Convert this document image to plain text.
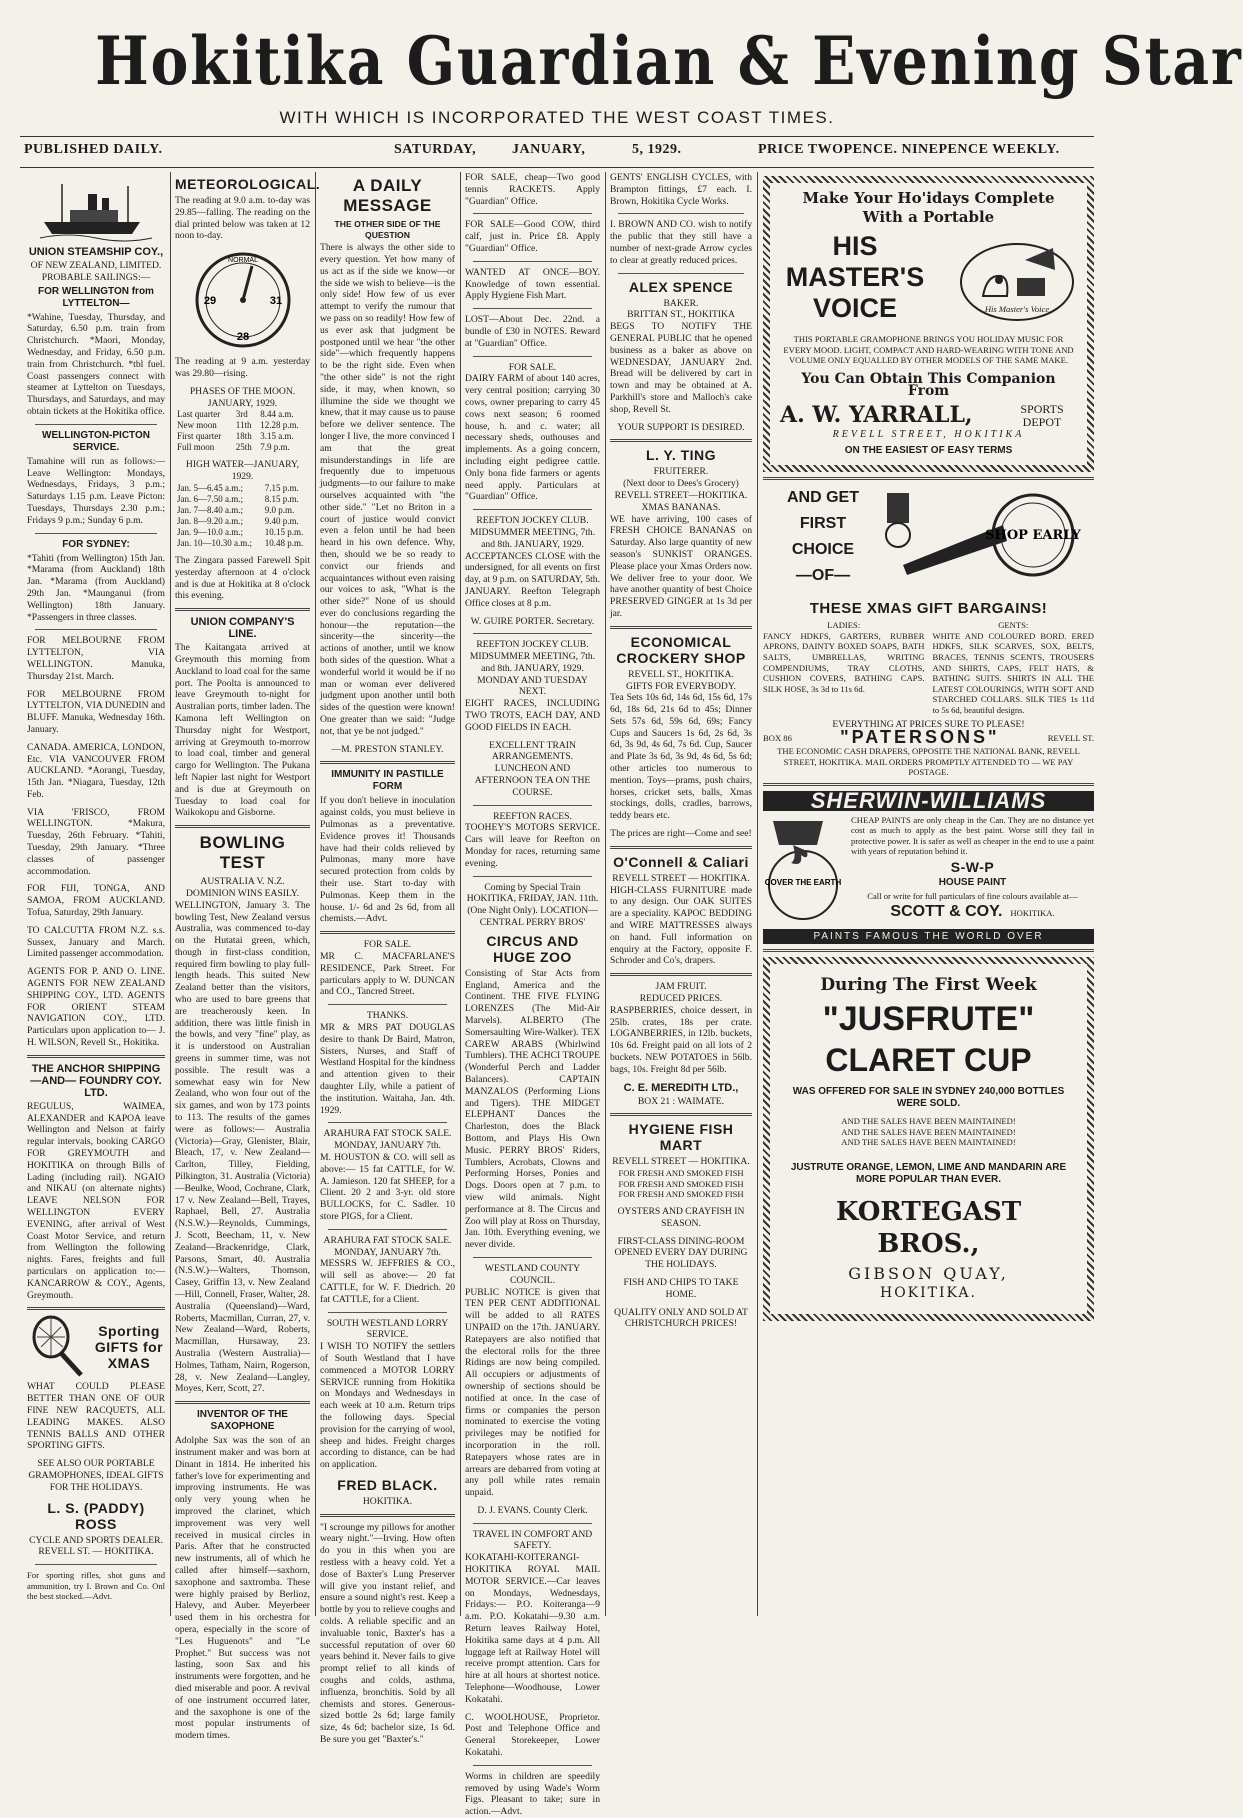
Hokitika Guardian & Evening Star
WITH WHICH IS INCORPORATED THE WEST COAST TIMES.
PUBLISHED DAILY.	SATURDAY,	JANUARY,	5, 1929.	PRICE TWOPENCE. NINEPENCE WEEKLY.
UNION STEAMSHIP COY.,
OF NEW ZEALAND, LIMITED.
PROBABLE SAILINGS:—
FOR WELLINGTON from LYTTELTON—
*Wahine, Tuesday, Thursday, and Saturday, 6.50 p.m. train from Christchurch. *Maori, Monday, Wednesday, and Friday, 6.50 p.m. train from Christchurch. *tbl fuel. Coast passengers connect with steamer at Lyttelton on Tuesdays, Thursdays, and Saturdays, and may obtain tickets at the Hokitika office.
WELLINGTON-PICTON SERVICE.
Tamahine will run as follows:— Leave Wellington: Mondays, Wednesdays, Fridays, 3 p.m.; Saturdays 1.15 p.m. Leave Picton: Tuesdays, Thursdays 2.30 p.m.; Fridays 9 p.m.; Sunday 6 p.m.
FOR SYDNEY:
*Tahiti (from Wellington) 15th Jan. *Marama (from Auckland) 18th Jan. *Marama (from Auckland) 29th Jan. *Maunganui (from Wellington) 18th January. *Passengers in three classes.
FOR MELBOURNE FROM LYTTELTON, VIA WELLINGTON. Manuka, Thursday 21st. March.
FOR MELBOURNE FROM LYTTELTON, VIA DUNEDIN and BLUFF. Manuka, Wednesday 16th. January.
CANADA. AMERICA, LONDON, Etc. VIA VANCOUVER FROM AUCKLAND. *Aorangi, Tuesday, 15th Jan. *Niagara, Tuesday, 12th Feb.
VIA 'FRISCO, FROM WELLINGTON. *Makura, Tuesday, 26th February. *Tahiti, Tuesday, 29th January. *Three classes of passenger accommodation.
FOR FIJI, TONGA, AND SAMOA, FROM AUCKLAND. Tofua, Saturday, 29th January.
TO CALCUTTA FROM N.Z. s.s. Sussex, January and March. Limited passenger accommodation.
AGENTS FOR P. AND O. LINE. AGENTS FOR NEW ZEALAND SHIPPING COY., LTD. AGENTS FOR ORIENT STEAM NAVIGATION COY., LTD. Particulars upon application to— J. H. WILSON, Revell St., Hokitika.
THE ANCHOR SHIPPING —AND— FOUNDRY COY. LTD.
REGULUS, WAIMEA, ALEXANDER and KAPOA leave Wellington and Nelson at fairly regular intervals, booking CARGO FOR GREYMOUTH and HOKITIKA on through Bills of Lading (including rail). NGAIO and NIKAU (on alternate nights) LEAVE NELSON FOR WELLINGTON EVERY EVENING, after arrival of West Coast Motor Service, and return from Wellington the following nights. Fares, freights and full particulars on application to:— KANCARROW & COY., Agents, Greymouth.
Sporting GIFTS for XMAS
WHAT COULD PLEASE BETTER THAN ONE OF OUR FINE NEW RACQUETS, ALL LEADING MAKES. ALSO TENNIS BALLS AND OTHER SPORTING GIFTS.
SEE ALSO OUR PORTABLE GRAMOPHONES, IDEAL GIFTS FOR THE HOLIDAYS.
L. S. (PADDY) ROSS
CYCLE AND SPORTS DEALER. REVELL ST. — HOKITIKA.
For sporting rifles, shot guns and ammunition, try I. Brown and Co. Onl the best stocked.—Advt.
METEOROLOGICAL.
The reading at 9.0 a.m. to-day was 29.85—falling. The reading on the dial printed below was taken at 12 noon to-day.
NORMAL
29	31
28
The reading at 9 a.m. yesterday was 29.80—rising.
PHASES OF THE MOON. JANUARY, 1929.
Last quarter	3rd	8.44 a.m.
New moon	11th	12.28 p.m.
First quarter	18th	3.15 a.m.
Full moon	25th	7.9 p.m.
HIGH WATER—JANUARY, 1929.
Jan. 5—6.45 a.m.;	7.15 p.m.
Jan. 6—7.50 a.m.;	8.15 p.m.
Jan. 7—8.40 a.m.;	9.0 p.m.
Jan. 8—9.20 a.m.;	9.40 p.m.
Jan. 9—10.0 a.m.;	10.15 p.m.
Jan. 10—10.30 a.m.;	10.48 p.m.
The Zingara passed Farewell Spit yesterday afternoon at 4 o'clock and is due at Hokitika at 8 o'clock this evening.
UNION COMPANY'S LINE.
The Kaitangata arrived at Greymouth this morning from Auckland to load coal for the same port. The Poolta is announced to leave Greymouth to-night for Australian ports, timber laden. The Kamona left Wellington on Thursday night for Westport, arriving at Greymouth to-morrow to load coal, timber and general cargo for Wellington. The Pukana left Napier last night for Westport and is due at Greymouth on Tuesday to load coal for Waikokopu and Gisborne.
BOWLING TEST
AUSTRALIA V. N.Z.
DOMINION WINS EASILY.
WELLINGTON, January 3. The bowling Test, New Zealand versus Australia, was commenced to-day on the Hutatai green, which, though in first-class condition, required firm bowling to play full-length heads. This suited New Zealand better than the visitors, who are used to bare greens that are treacherously keen. In addition, there was little finish in the bowls, and very "fine" play, as it is understood on Australian greens in summer time, was not possible. The result was a somewhat easy win for New Zealand, who won four out of the six games, and won by 173 points to 113. The results of the games were as follows:— Australia (Victoria)—Gray, Glenister, Blair, Bleach, 17, v. New Zealand—Carlton, Tilley, Fielding, Pilkington, 31. Australia (Victoria)—Beulke, Wood, Cochrane, Clark, 17 v. New Zealand—Bell, Trayes, Raphael, Bell, 27. Australia (N.S.W.)—Reynolds, Cummings, J. Scott, Beecham, 11, v. New Zealand—Brackenridge, Clark, Parsons, Smart, 40. Australia (N.S.W.)—Walters, Thomson, Casey, Griffin 13, v. New Zealand—Hill, Connell, Fraser, Walter, 28. Australia (Queensland)—Ward, Roberts, Macmillan, Curran, 27, v. New Zealand—Ward, Roberts, Macmillan, Hursaway, 23. Australia (Western Australia)—Holmes, Tatham, Nairn, Rogerson, 28, v. New Zealand—Langley, Moyes, Kerr, Scott, 27.
INVENTOR OF THE SAXOPHONE
Adolphe Sax was the son of an instrument maker and was born at Dinant in 1814. He inherited his father's love for experimenting and improving instruments. He was only very young when he improved the clarinet, which improvement was very well received in musical circles in Paris. After that he constructed new instruments, all of which he called after himself—saxhorn, saxophone and saxtromba. These were highly praised by Berlioz, Halevy, and Auber. Meyerbeer used them in his orchestra for opera, especially in the score of "Les Huguenots" and "Le Prophet." But success was not lasting, soon Sax and his instruments were forgotten, and he died miserable and poor. A revival of one instrument occurred later, and the saxophone is one of the most popular instruments of modern times.
A DAILY MESSAGE
THE OTHER SIDE OF THE QUESTION
There is always the other side to every question. Yet how many of us act as if the side we know—or the side we wish to believe—is the only side! How few of us ever attempt to verify the rumour that we pass on so readily! How few of us ever ask that judgment be postponed until we hear "the other side"—which frequently happens to be the right side. Even when "the other side" is not the right side, it may, when known, so illumine the side we thought we knew, that it may cause us to pause before we deliver sentence. The longer I live, the more convinced I am that the great misunderstandings in life are frequently due to impetuous judgments—to our failure to make ourselves acquainted with "the other side." "Let no Briton in a court of justice would convict even a felon until he had been heard in his own defence. Why, then, should we be so ready to convict our friends and acquaintances without even raising our voices to ask, "What is the other side?" None of us should ever do conclusions regarding the honour—the reputation—the sincerity—the sincerity—the actions of another, until we know both sides of the question. What a wonderful world it would be if no man or woman ever delivered judgment upon another until both sides of the question were known! One greater than we said: "Judge not, that ye be not judged."
—M. PRESTON STANLEY.
IMMUNITY IN PASTILLE FORM
If you don't believe in inoculation against colds, you must believe in Pulmonas as a preventative. Evidence proves it! Thousands have had their colds relieved by Pulmonas, many more have secured protection from colds by their use. Start to-day with Pulmonas. Keep them in the house. 1/- 6d and 2s 6d, from all chemists.—Advt.
FOR SALE.
MR C. MACFARLANE'S RESIDENCE, Park Street. For particulars apply to W. DUNCAN and CO., Tancred Street.
THANKS.
MR & MRS PAT DOUGLAS desire to thank Dr Baird, Matron, Sisters, Nurses, and Staff of Westland Hospital for the kindness and attention given to their daughter Lily, while a patient of the institution. Waitaha, Jan. 4th. 1929.
ARAHURA FAT STOCK SALE.
MONDAY, JANUARY 7th.
M. HOUSTON & CO. will sell as above:— 15 fat CATTLE, for W. A. Jamieson. 120 fat SHEEP, for a Client. 20 2 and 3-yr. old store BULLOCKS, for C. Sadler. 10 store PIGS, for a Client.
ARAHURA FAT STOCK SALE.
MONDAY, JANUARY 7th.
MESSRS W. JEFFRIES & CO., will sell as above:— 20 fat CATTLE, for W. F. Diedrich. 20 fat CATTLE, for a Client.
SOUTH WESTLAND LORRY SERVICE.
I WISH TO NOTIFY the settlers of South Westland that I have commenced a MOTOR LORRY SERVICE running from Hokitika on Mondays and Wednesdays in each week at 10 a.m. Return trips the following days. Special provision for the carrying of wool, sheep and hides. Freight charges according to distance, can be had on application.
FRED BLACK.
HOKITIKA.
"I scrounge my pillows for another weary night."—Irving. How often do you in this when you are restless with a heavy cold. Yet a dose of Baxter's Lung Preserver will give you instant relief, and ensure a sound night's rest. Keep a bottle by you to relieve coughs and colds. A reliable specific and an invaluable tonic, Baxter's has a successful reputation of over 60 years behind it. Never fails to give prompt relief to all kinds of coughs and colds, asthma, influenza, bronchitis. Sold by all chemists and stores. Generous-sized bottle 2s 6d; large family size, 4s 6d; bachelor size, 1s 6d. Be sure you get "Baxter's."
FOR SALE, cheap—Two good tennis RACKETS. Apply "Guardian" Office.
FOR SALE—Good COW, third calf, just in. Price £8. Apply "Guardian" Office.
WANTED AT ONCE—BOY. Knowledge of town essential. Apply Hygiene Fish Mart.
LOST—About Dec. 22nd. a bundle of £30 in NOTES. Reward at "Guardian" Office.
FOR SALE.
DAIRY FARM of about 140 acres, very central position; carrying 30 cows, owner preparing to carry 45 cows next season; 6 roomed house, h. and c. water; all necessary sheds, outhouses and implements. As a going concern, including eight pedigree cattle. Only bona fide farmers or agents need apply. Particulars at "Guardian" Office.
REEFTON JOCKEY CLUB.
MIDSUMMER MEETING, 7th. and 8th. JANUARY, 1929.
ACCEPTANCES CLOSE with the undersigned, for all events on first day, at 9 p.m. on SATURDAY, 5th. JANUARY. Reefton Telegraph Office closes at 8 p.m.
W. GUIRE PORTER. Secretary.
REEFTON JOCKEY CLUB.
MIDSUMMER MEETING, 7th. and 8th. JANUARY, 1929. MONDAY AND TUESDAY NEXT.
EIGHT RACES, INCLUDING TWO TROTS, EACH DAY, AND GOOD FIELDS IN EACH.
EXCELLENT TRAIN ARRANGEMENTS.
LUNCHEON AND AFTERNOON TEA ON THE COURSE.
REEFTON RACES.
TOOHEY'S MOTORS SERVICE. Cars will leave for Reefton on Monday for races, returning same evening.
Coming by Special Train HOKITIKA, FRIDAY, JAN. 11th. (One Night Only). LOCATION—CENTRAL PERRY BROS'
CIRCUS AND HUGE ZOO
Consisting of Star Acts from England, America and the Continent. THE FIVE FLYING LORENZES (The Mid-Air Marvels). ALBERTO (The Somersaulting Wire-Walker). TEX CAREW ARABS (Whirlwind Tumblers). THE ACHCI TROUPE (Wonderful Perch and Ladder Balancers). CAPTAIN MANZALOS (Performing Lions and Tigers). THE MIDGET ELEPHANT Dances the Charleston, does the Black Bottom, and Plays His Own Music. PERRY BROS' Riders, Tumblers, Acrobats, Clowns and Performing Horses, Ponies and Dogs. Doors open at 7 p.m. to view wild animals. Night performance at 8. The Circus and Zoo will play at Ross on Thursday, Jan. 10th. Everything evening, we never divide.
WESTLAND COUNTY COUNCIL.
PUBLIC NOTICE is given that TEN PER CENT ADDITIONAL will be added to all RATES UNPAID on the 17th. JANUARY. Ratepayers are also notified that the electoral rolls for the three Ridings are now being compiled. All occupiers or adjustments of ownership of sections should be notified at once. In the case of firms or companies the person nominated to exercise the voting privileges may be notified for incorporation in the roll. Ratepayers whose rates are in arrears are debarred from voting at any poll while rates remain unpaid.
D. J. EVANS. County Clerk.
TRAVEL IN COMFORT AND SAFETY.
KOKATAHI-KOITERANGI-HOKITIKA ROYAL MAIL MOTOR SERVICE.—Car leaves on Mondays, Wednesdays, Fridays:— P.O. Koiteranga—9 a.m. P.O. Kokatahi—9.30 a.m. Return leaves Railway Hotel, Hokitika same days at 4 p.m. All luggage left at Railway Hotel will receive prompt attention. Cars for hire at all hours at shortest notice. Telephone—Woodhouse, Lower Kokatahi.
C. WOOLHOUSE, Proprietor. Post and Telephone Office and General Storekeeper, Lower Kokatahi.
Worms in children are speedily removed by using Wade's Worm Figs. Pleasant to take; sure in action.—Advt.
GENTS' ENGLISH CYCLES, with Brampton fittings, £7 each. I. Brown, Hokitika Cycle Works.
I. BROWN AND CO. wish to notify the public that they still have a number of next-grade Arrow cycles to clear at greatly reduced prices.
ALEX SPENCE
BAKER.
BRITTAN ST., HOKITIKA
BEGS TO NOTIFY THE GENERAL PUBLIC that he opened business as a baker as above on WEDNESDAY, JANUARY 2nd. Bread will be delivered by cart in town and may be obtained at A. Parkhill's store and Malloch's cake shop, Revell St.
YOUR SUPPORT IS DESIRED.
L. Y. TING
FRUITERER.
(Next door to Dees's Grocery)
REVELL STREET—HOKITIKA.
XMAS BANANAS.
WE have arriving, 100 cases of FRESH CHOICE BANANAS on Saturday. Also large quantity of new season's SUNKIST ORANGES. Please place your Xmas Orders now. We deliver free to your door. We have another quantity of best Choice PRESERVED GINGER at 1s 3d per jar.
ECONOMICAL CROCKERY SHOP
REVELL ST., HOKITIKA.
GIFTS FOR EVERYBODY.
Tea Sets 10s 6d, 14s 6d, 15s 6d, 17s 6d, 18s 6d, 21s 6d to 45s; Dinner Sets 57s 6d, 59s 6d, 69s; Fancy Cups and Saucers 1s 6d, 2s 6d, 3s 6d, 3s 9d, 4s 6d, 7s 6d. Cup, Saucer and Plate 3s 6d, 3s 9d, 4s 6d, 5s 6d; other articles too numerous to mention. Toys—prams, push chairs, horses, cricket sets, balls, Xmas stockings, dolls, cradles, barrows, teddy bears etc.
The prices are right—Come and see!
O'Connell & Caliari
REVELL STREET — HOKITIKA.
HIGH-CLASS FURNITURE made to any design. Our OAK SUITES are a speciality. KAPOC BEDDING and WIRE MATTRESSES always on hand. Full information on enquiry at the Factory, opposite F. Schroder and Co's, drapers.
JAM FRUIT.
REDUCED PRICES.
RASPBERRIES, choice dessert, in 25lb. crates, 18s per crate. LOGANBERRIES, in 12lb. buckets, 10s 6d. Freight paid on all lots of 2 buckets. NEW POTATOES in 56lb. bags, 10s. Freight 8d per 56lb.
C. E. MEREDITH LTD.,
BOX 21 : WAIMATE.
HYGIENE FISH MART
REVELL STREET — HOKITIKA.
FOR FRESH AND SMOKED FISH
FOR FRESH AND SMOKED FISH
FOR FRESH AND SMOKED FISH
OYSTERS AND CRAYFISH IN SEASON.
FIRST-CLASS DINING-ROOM OPENED EVERY DAY DURING THE HOLIDAYS.
FISH AND CHIPS TO TAKE HOME.
QUALITY ONLY AND SOLD AT CHRISTCHURCH PRICES!
Make Your Ho'idays Complete With a Portable
HIS MASTER'S VOICE	His Master's Voice
THIS PORTABLE GRAMOPHONE BRINGS YOU HOLIDAY MUSIC FOR EVERY MOOD. LIGHT, COMPACT AND HARD-WEARING WITH TONE AND VOLUME ONLY EQUALLED BY OTHER MODELS OF THE SAME MAKE.
You Can Obtain This Companion From
A. W. YARRALL,	SPORTS DEPOT
REVELL STREET, HOKITIKA
ON THE EASIEST OF EASY TERMS
AND GET
FIRST
CHOICE
—OF—
SHOP EARLY
THESE XMAS GIFT BARGAINS!
LADIES:
FANCY HDKFS, GARTERS, RUBBER APRONS, DAINTY BOXED SOAPS, BATH SALTS, UMBRELLAS, WRITING COMPENDIUMS, TRAY CLOTHS, CUSHION COVERS, BATHING CAPS. SILK HOSE, 3s 3d to 11s 6d.
GENTS:
WHITE AND COLOURED BORD. ERED HDKFS, SILK SCARVES, SOX, BELTS, BRACES, TENNIS SCENTS, TROUSERS AND SHIRTS, CAPS, FELT HATS, & BATHING SUITS. SHIRTS IN ALL THE LATEST COLOURINGS, WITH SOFT AND STARCHED COLLARS. SILK TIES 1s 11d to 5s 6d, beautiful designs.
EVERYTHING AT PRICES SURE TO PLEASE!
BOX 86	"PATERSONS"	REVELL ST.
THE ECONOMIC CASH DRAPERS, OPPOSITE THE NATIONAL BANK, REVELL STREET, HOKITIKA. MAIL ORDERS PROMPTLY ATTENDED TO — WE PAY POSTAGE.
SHERWIN-WILLIAMS
COVER THE EARTH
CHEAP PAINTS are only cheap in the Can. They are no distance yet cost as much to apply as the best paint. Worse still they fail in protective power. It is safer as well as cheaper in the end to use a paint with years of reputation behind it.
S-W-P
HOUSE PAINT
Call or write for full particulars of fine colours available at—
SCOTT & COY. HOKITIKA.
PAINTS FAMOUS THE WORLD OVER
During The First Week
"JUSFRUTE"
CLARET CUP
WAS OFFERED FOR SALE IN SYDNEY 240,000 BOTTLES WERE SOLD.
AND THE SALES HAVE BEEN MAINTAINED!
AND THE SALES HAVE BEEN MAINTAINED!
AND THE SALES HAVE BEEN MAINTAINED!
JUSTRUTE ORANGE, LEMON, LIME AND MANDARIN ARE MORE POPULAR THAN EVER.
KORTEGAST BROS.,
GIBSON QUAY,
HOKITIKA.
